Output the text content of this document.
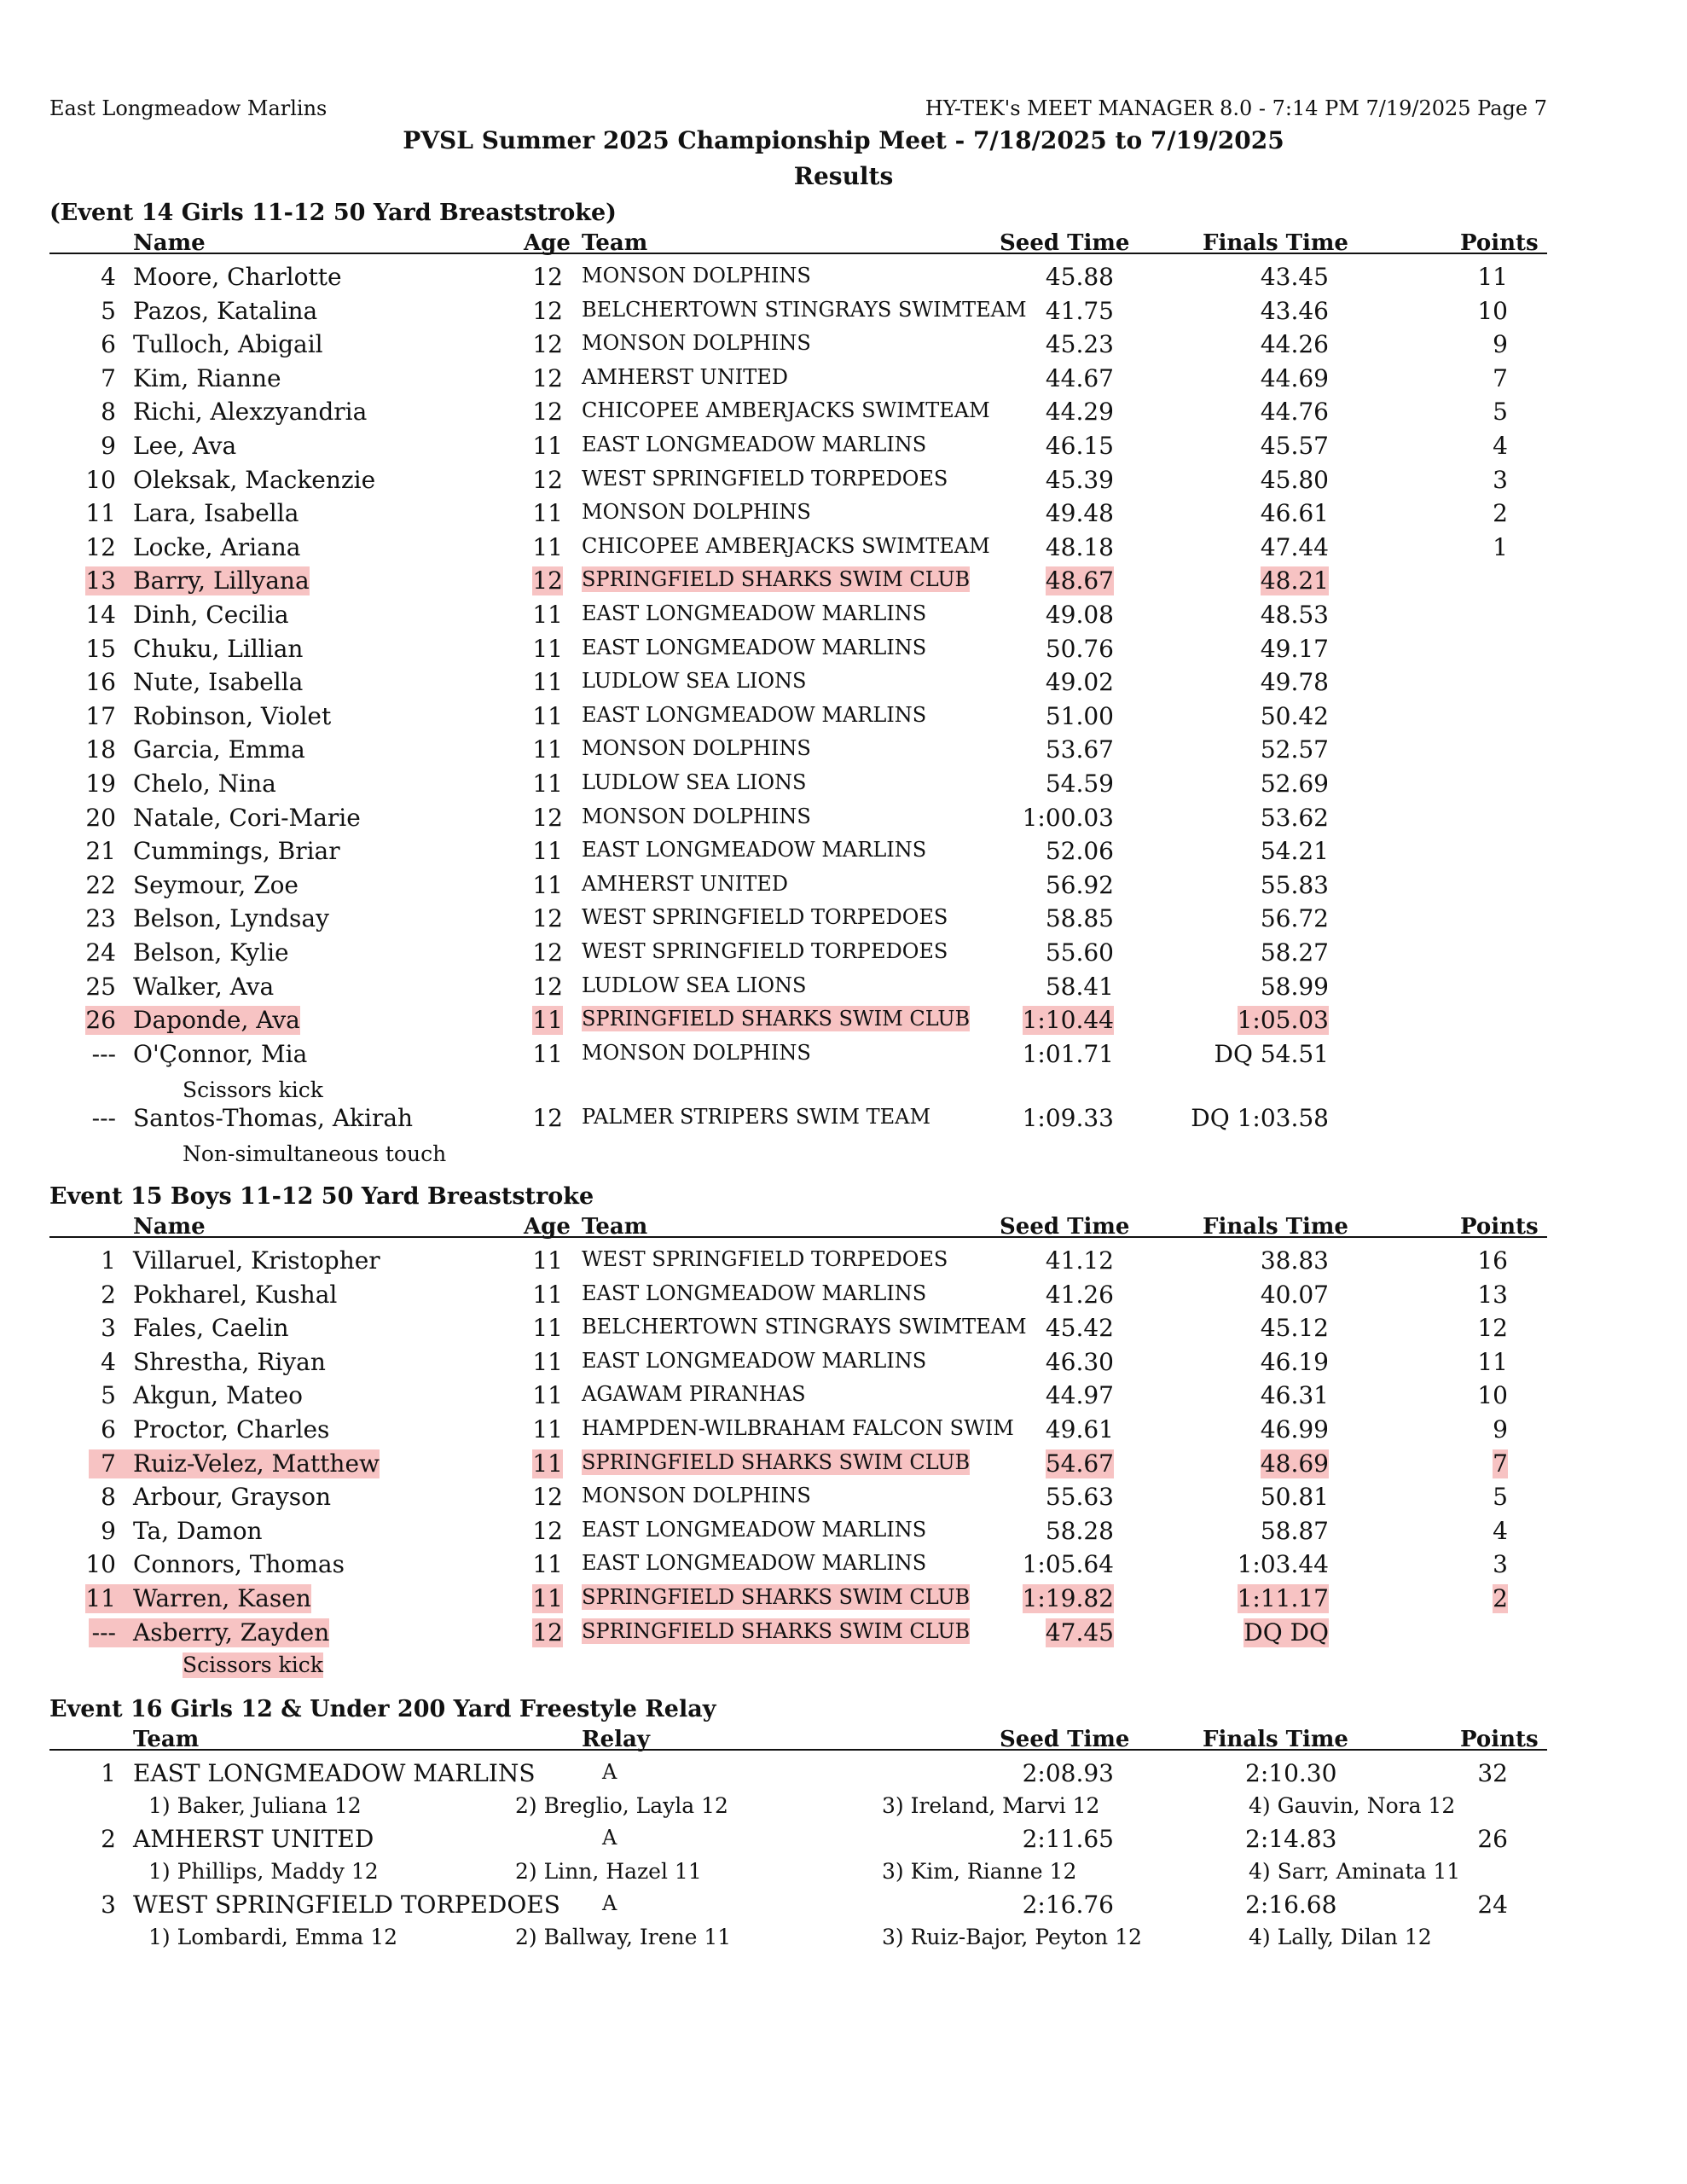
East Longmeadow Marlins	HY-TEK's MEET MANAGER 8.0 - 7:14 PM 7/19/2025 Page 7
PVSL Summer 2025 Championship Meet - 7/18/2025 to 7/19/2025
Results
(Event 14 Girls 11-12 50 Yard Breaststroke)
Name	Age Team	Seed Time	Finals Time	Points
4 Moore, Charlotte	12 MONSON DOLPHINS	45.88	43.45	11
5 Pazos, Katalina	12 BELCHERTOWN STINGRAYS SWIMTEAM 41.75	43.46	10
6 Tulloch, Abigail	12 MONSON DOLPHINS	45.23	44.26	9
7 Kim, Rianne	12 AMHERST UNITED	44.67	44.69	7
8 Richi, Alexzyandria	12 CHICOPEE AMBERJACKS SWIMTEAM 44.29	44.76	5
9 Lee, Ava	11 EAST LONGMEADOW MARLINS	46.15	45.57	4
10 Oleksak, Mackenzie	12 WEST SPRINGFIELD TORPEDOES	45.39	45.80	3
11 Lara, Isabella	11 MONSON DOLPHINS	49.48	46.61	2
12 Locke, Ariana	11 CHICOPEE AMBERJACKS SWIMTEAM 48.18	47.44	1
13 Barry, Lillyana	12 SPRINGFIELD SHARKS SWIM CLUB	48.67	48.21
14 Dinh, Cecilia	11 EAST LONGMEADOW MARLINS	49.08	48.53
15 Chuku, Lillian	11 EAST LONGMEADOW MARLINS	50.76	49.17
16 Nute, Isabella	11 LUDLOW SEA LIONS	49.02	49.78
17 Robinson, Violet	11 EAST LONGMEADOW MARLINS	51.00	50.42
18 Garcia, Emma	11 MONSON DOLPHINS	53.67	52.57
19 Chelo, Nina	11 LUDLOW SEA LIONS	54.59	52.69
20 Natale, Cori-Marie	12 MONSON DOLPHINS	1:00.03	53.62
21 Cummings, Briar	11 EAST LONGMEADOW MARLINS	52.06	54.21
22 Seymour, Zoe	11 AMHERST UNITED	56.92	55.83
23 Belson, Lyndsay	12 WEST SPRINGFIELD TORPEDOES	58.85	56.72
24 Belson, Kylie	12 WEST SPRINGFIELD TORPEDOES	55.60	58.27
25 Walker, Ava	12 LUDLOW SEA LIONS	58.41	58.99
26 Daponde, Ava	11 SPRINGFIELD SHARKS SWIM CLUB 1:10.44	1:05.03
--- O'Çonnor, Mia	11 MONSON DOLPHINS	1:01.71	DQ 54.51
Scissors kick
--- Santos-Thomas, Akirah	12 PALMER STRIPERS SWIM TEAM	1:09.33	DQ 1:03.58
Non-simultaneous touch
Event 15 Boys 11-12 50 Yard Breaststroke
Name	Age Team	Seed Time	Finals Time	Points
1 Villaruel, Kristopher	11 WEST SPRINGFIELD TORPEDOES	41.12	38.83	16
2 Pokharel, Kushal	11 EAST LONGMEADOW MARLINS	41.26	40.07	13
3 Fales, Caelin	11 BELCHERTOWN STINGRAYS SWIMTEAM 45.42	45.12	12
4 Shrestha, Riyan	11 EAST LONGMEADOW MARLINS	46.30	46.19	11
5 Akgun, Mateo	11 AGAWAM PIRANHAS	44.97	46.31	10
6 Proctor, Charles	11 HAMPDEN-WILBRAHAM FALCON SWIM 49.61	46.99	9
7 Ruiz-Velez, Matthew	11 SPRINGFIELD SHARKS SWIM CLUB	54.67	48.69	7
8 Arbour, Grayson	12 MONSON DOLPHINS	55.63	50.81	5
9 Ta, Damon	12 EAST LONGMEADOW MARLINS	58.28	58.87	4
10 Connors, Thomas	11 EAST LONGMEADOW MARLINS	1:05.64	1:03.44	3
11 Warren, Kasen	11 SPRINGFIELD SHARKS SWIM CLUB 1:19.82	1:11.17	2
--- Asberry, Zayden	12 SPRINGFIELD SHARKS SWIM CLUB	47.45	DQ DQ
Scissors kick
Event 16 Girls 12 & Under 200 Yard Freestyle Relay
Team	Relay	Seed Time	Finals Time	Points
1 EAST LONGMEADOW MARLINS	A	2:08.93	2:10.30	32
1) Baker, Juliana 12	2) Breglio, Layla 12	3) Ireland, Marvi 12	4) Gauvin, Nora 12
2 AMHERST UNITED	A	2:11.65	2:14.83	26
1) Phillips, Maddy 12	2) Linn, Hazel 11	3) Kim, Rianne 12	4) Sarr, Aminata 11
3 WEST SPRINGFIELD TORPEDOES A	2:16.76	2:16.68	24
1) Lombardi, Emma 12	2) Ballway, Irene 11	3) Ruiz-Bajor, Peyton 12	4) Lally, Dilan 12
